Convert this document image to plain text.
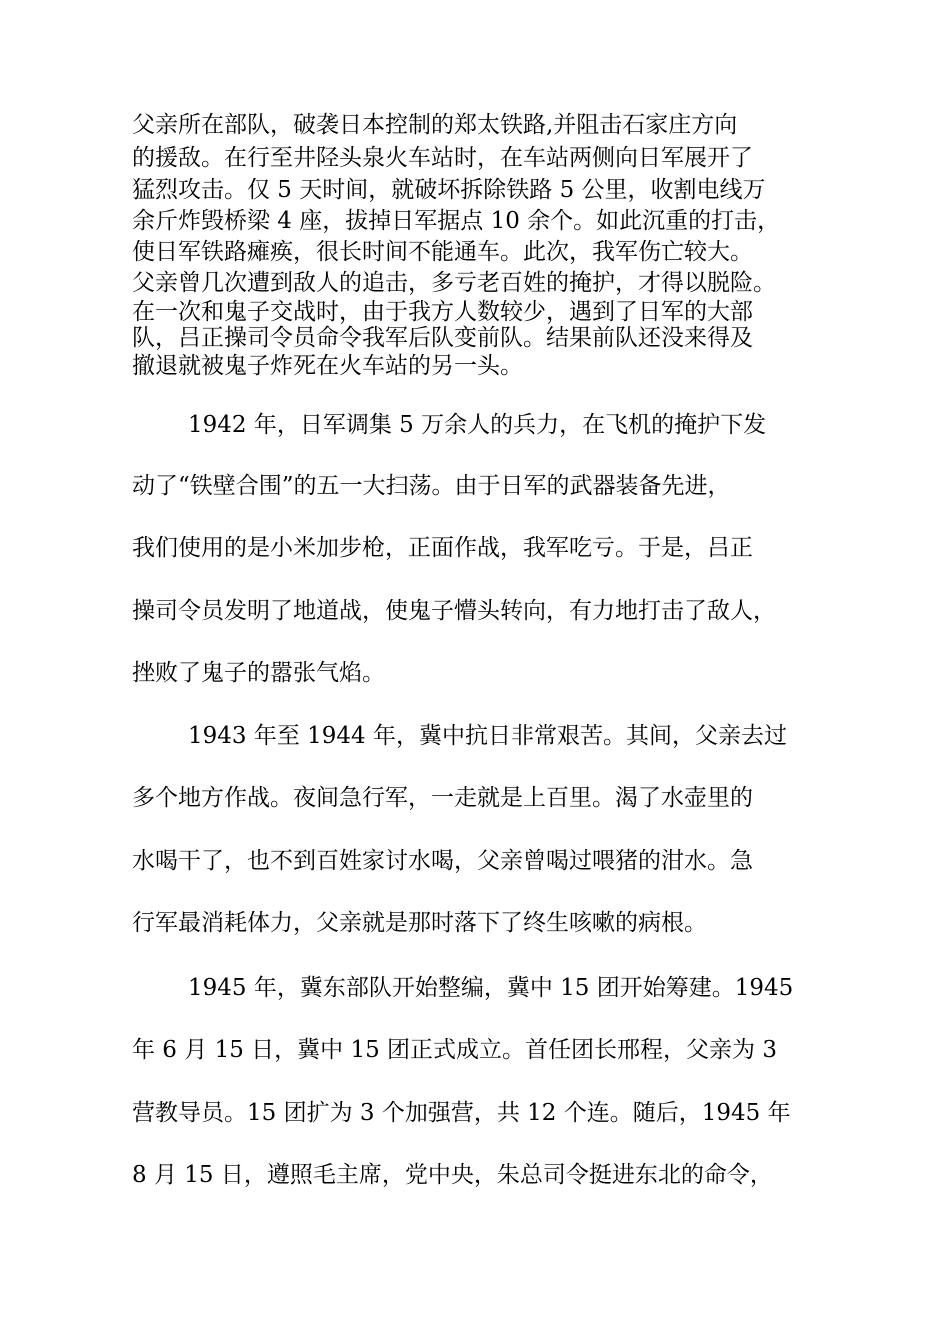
父亲所在部队，破袭日本控制的郑太铁路,并阻击石家庄方向
的援敌。在行至井陉头泉火车站时，在车站两侧向日军展开了
猛烈攻击。仅 5 天时间，就破坏拆除铁路 5 公里，收割电线万
余斤炸毁桥梁 4 座，拔掉日军据点 10 余个。如此沉重的打击，
使日军铁路瘫痪，很长时间不能通车。此次，我军伤亡较大。
父亲曾几次遭到敌人的追击，多亏老百姓的掩护，才得以脱险。
在一次和鬼子交战时，由于我方人数较少，遇到了日军的大部
队，吕正操司令员命令我军后队变前队。结果前队还没来得及
撤退就被鬼子炸死在火车站的另一头。
1942 年，日军调集 5 万余人的兵力，在飞机的掩护下发
动了“铁壁合围”的五一大扫荡。由于日军的武器装备先进，
我们使用的是小米加步枪，正面作战，我军吃亏。于是，吕正
操司令员发明了地道战，使鬼子懵头转向，有力地打击了敌人，
挫败了鬼子的嚣张气焰。
1943 年至 1944 年，冀中抗日非常艰苦。其间，父亲去过
多个地方作战。夜间急行军，一走就是上百里。渴了水壶里的
水喝干了，也不到百姓家讨水喝，父亲曾喝过喂猪的泔水。急
行军最消耗体力，父亲就是那时落下了终生咳嗽的病根。
1945 年，冀东部队开始整编，冀中 15 团开始筹建。1945
年 6 月 15 日，冀中 15 团正式成立。首任团长邢程，父亲为 3
营教导员。15 团扩为 3 个加强营，共 12 个连。随后，1945 年
8 月 15 日，遵照毛主席，党中央，朱总司令挺进东北的命令，
